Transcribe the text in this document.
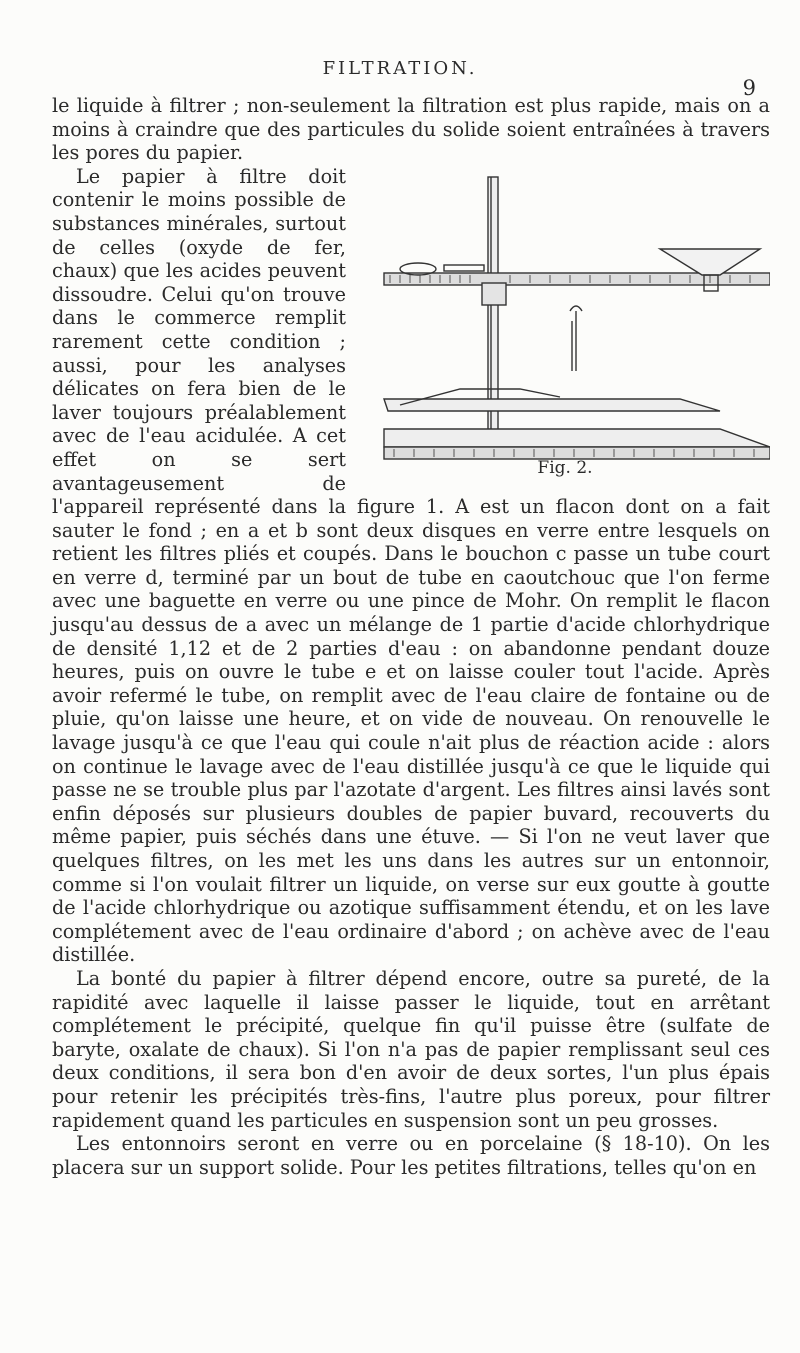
FILTRATION.
9

le liquide à filtrer ; non-seulement la filtration est plus rapide, mais on a moins à craindre que des particules du solide soient entraînées à travers les pores du papier.

Fig. 2.

Le papier à filtre doit contenir le moins possible de substances minérales, surtout de celles (oxyde de fer, chaux) que les acides peuvent dissoudre. Celui qu'on trouve dans le commerce remplit rarement cette condition ; aussi, pour les analyses délicates on fera bien de le laver toujours préalablement avec de l'eau acidulée. A cet effet on se sert avantageusement de l'appareil représenté dans la figure 1. A est un flacon dont on a fait sauter le fond ; en a et b sont deux disques en verre entre lesquels on retient les filtres pliés et coupés. Dans le bouchon c passe un tube court en verre d, terminé par un bout de tube en caoutchouc que l'on ferme avec une baguette en verre ou une pince de Mohr. On remplit le flacon jusqu'au dessus de a avec un mélange de 1 partie d'acide chlorhydrique de densité 1,12 et de 2 parties d'eau : on abandonne pendant douze heures, puis on ouvre le tube e et on laisse couler tout l'acide. Après avoir refermé le tube, on remplit avec de l'eau claire de fontaine ou de pluie, qu'on laisse une heure, et on vide de nouveau. On renouvelle le lavage jusqu'à ce que l'eau qui coule n'ait plus de réaction acide : alors on continue le lavage avec de l'eau distillée jusqu'à ce que le liquide qui passe ne se trouble plus par l'azotate d'argent. Les filtres ainsi lavés sont enfin déposés sur plusieurs doubles de papier buvard, recouverts du même papier, puis séchés dans une étuve. — Si l'on ne veut laver que quelques filtres, on les met les uns dans les autres sur un entonnoir, comme si l'on voulait filtrer un liquide, on verse sur eux goutte à goutte de l'acide chlorhydrique ou azotique suffisamment étendu, et on les lave complétement avec de l'eau ordinaire d'abord ; on achève avec de l'eau distillée.

La bonté du papier à filtrer dépend encore, outre sa pureté, de la rapidité avec laquelle il laisse passer le liquide, tout en arrêtant complétement le précipité, quelque fin qu'il puisse être (sulfate de baryte, oxalate de chaux). Si l'on n'a pas de papier remplissant seul ces deux conditions, il sera bon d'en avoir de deux sortes, l'un plus épais pour retenir les précipités très-fins, l'autre plus poreux, pour filtrer rapidement quand les particules en suspension sont un peu grosses.

Les entonnoirs seront en verre ou en porcelaine (§ 18-10). On les placera sur un support solide. Pour les petites filtrations, telles qu'on en
